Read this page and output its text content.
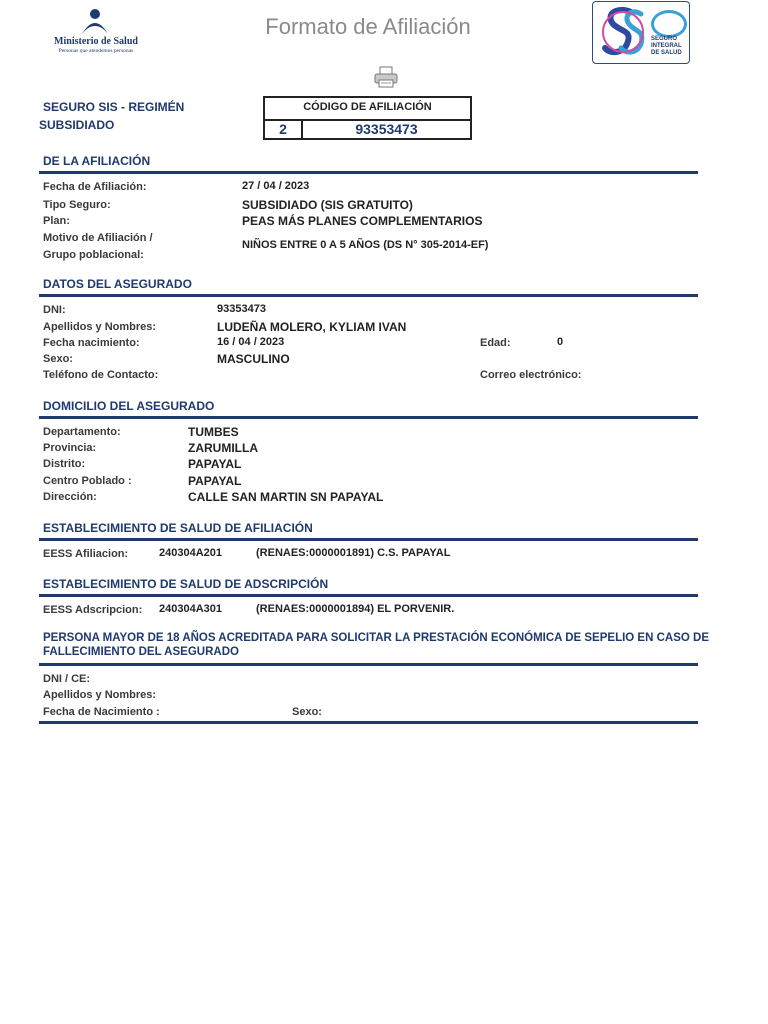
Ministerio de Salud
Personas que atendemos personas
Formato de Afiliación	SEGURO
INTEGRAL
DE SALUD
SEGURO SIS - REGIMÉN
SUBSIDIADO
CÓDIGO DE AFILIACIÓN
2	93353473
DE LA AFILIACIÓN
Fecha de Afiliación:	27 / 04 / 2023
Tipo Seguro:	SUBSIDIADO (SIS GRATUITO)
Plan:	PEAS MÁS PLANES COMPLEMENTARIOS
Motivo de Afiliación /
Grupo poblacional:
NIÑOS ENTRE 0 A 5 AÑOS (DS N° 305-2014-EF)
DATOS DEL ASEGURADO
DNI:	93353473
Apellidos y Nombres:	LUDEÑA MOLERO, KYLIAM IVAN
Fecha nacimiento:	16 / 04 / 2023	Edad:	0
Sexo:	MASCULINO
Teléfono de Contacto:	Correo electrónico:
DOMICILIO DEL ASEGURADO
Departamento:	TUMBES
Provincia:	ZARUMILLA
Distrito:	PAPAYAL
Centro Poblado :	PAPAYAL
Dirección:	CALLE SAN MARTIN SN PAPAYAL
ESTABLECIMIENTO DE SALUD DE AFILIACIÓN
EESS Afiliacion:	240304A201	(RENAES:0000001891) C.S. PAPAYAL
ESTABLECIMIENTO DE SALUD DE ADSCRIPCIÓN
EESS Adscripcion: 240304A301	(RENAES:0000001894) EL PORVENIR.
PERSONA MAYOR DE 18 AÑOS ACREDITADA PARA SOLICITAR LA PRESTACIÓN ECONÓMICA DE SEPELIO EN CASO DE
FALLECIMIENTO DEL ASEGURADO
DNI / CE:
Apellidos y Nombres:
Fecha de Nacimiento :	Sexo:
